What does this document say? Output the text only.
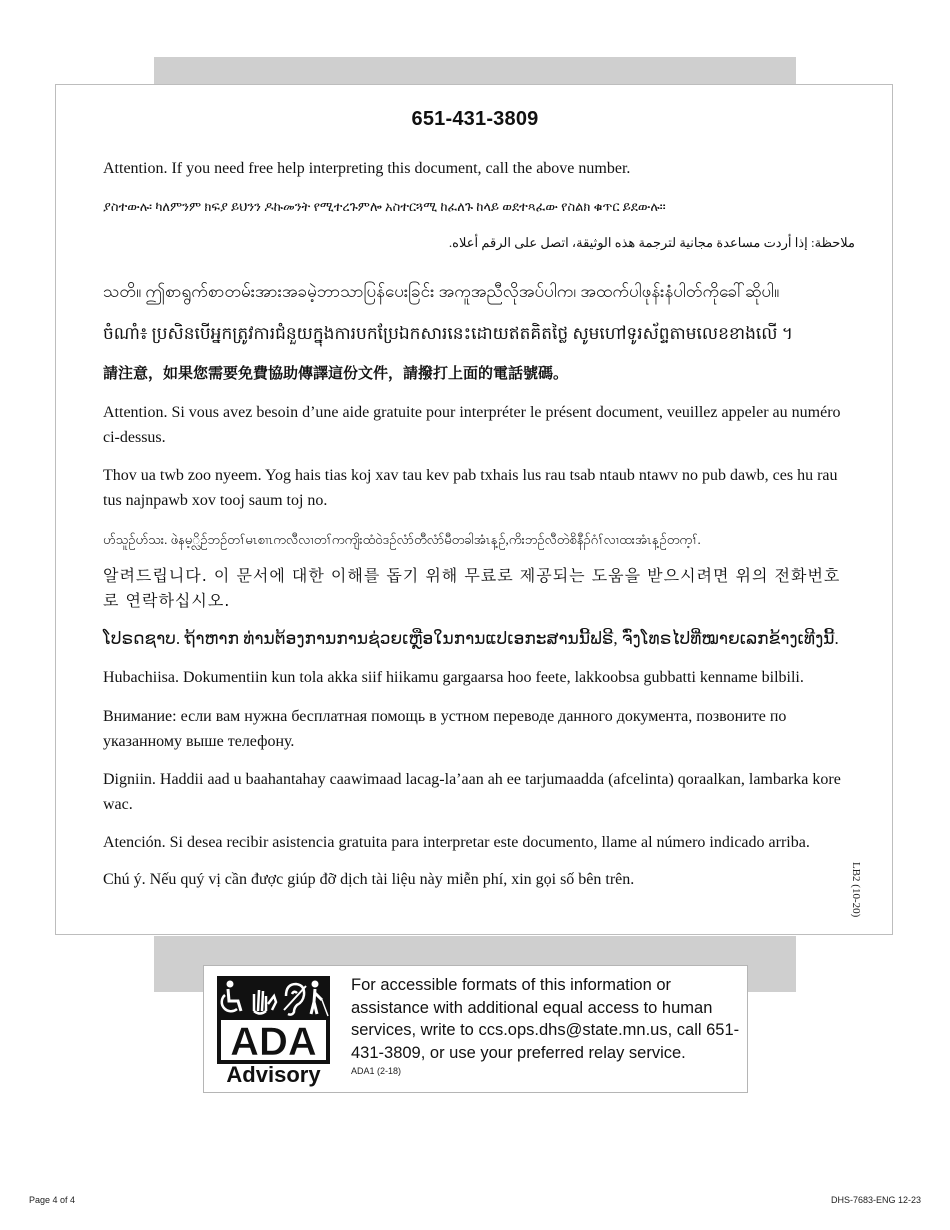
651-431-3809

Attention. If you need free help interpreting this document, call the above number.

ያስተውሉ፡ ካለምንም ክፍያ ይህንን ዶኩመንት የሚተረጉምሎ አስተርጓሚ ከፈለጉ ከላይ ወደተጻፈው የስልክ ቁጥር ይደውሉ።

ملاحظة: إذا أردت مساعدة مجانية لترجمة هذه الوثيقة، اتصل على الرقم أعلاه.

သတိ။ ဤစာရွက်စာတမ်းအားအခမဲ့ဘာသာပြန်ပေးခြင်း အကူအညီလိုအပ်ပါက၊ အထက်ပါဖုန်းနံပါတ်ကိုခေါ်ဆိုပါ။

ចំណាំ៖ ប្រសិនបើអ្នកត្រូវការជំនួយក្នុងការបកប្រែឯកសារនេះដោយឥតគិតថ្លៃ សូមហៅទូរស័ព្ទតាមលេខខាងលើ ។

請注意，如果您需要免費協助傳譯這份文件，請撥打上面的電話號碼。

Attention. Si vous avez besoin d’une aide gratuite pour interpréter le présent document, veuillez appeler au numéro ci-dessus.

Thov ua twb zoo nyeem. Yog hais tias koj xav tau kev pab txhais lus rau tsab ntaub ntawv no pub dawb, ces hu rau tus najnpawb xov tooj saum toj no.

ဟ်သူဉ်ဟ်သး. ဖဲနမ့္လိဉ်ဘဉ်တၢ်မၤစၢၤကလီလၢတၢ်ကကျိးထံဝဲဒဉ်လံာ်တီလံာ်မီတခါအံၤန့ဉ်,ကိးဘဉ်လီတဲစိနီၣ်ဂံၢ်လၢထးအံၤန့ဉ်တက့ၢ်.

알려드립니다. 이 문서에 대한 이해를 돕기 위해 무료로 제공되는 도움을 받으시려면 위의 전화번호로 연락하십시오.

ໂປຣດຊາບ. ຖ້າຫາກ ທ່ານຕ້ອງການການຊ່ວຍເຫຼືອໃນການແປເອກະສານນີ້ຟຣີ, ຈົ່ງໂທຣໄປທີ່ໝາຍເລກຂ້າງເທີງນີ້.

Hubachiisa. Dokumentiin kun tola akka siif hiikamu gargaarsa hoo feete, lakkoobsa gubbatti kenname bilbili.

Внимание: если вам нужна бесплатная помощь в устном переводе данного документа, позвоните по указанному выше телефону.

Digniin. Haddii aad u baahantahay caawimaad lacag-la’aan ah ee tarjumaadda (afcelinta) qoraalkan, lambarka kore wac.

Atención. Si desea recibir asistencia gratuita para interpretar este documento, llame al número indicado arriba.

Chú ý. Nếu quý vị cần được giúp đỡ dịch tài liệu này miễn phí, xin gọi số bên trên.	LB2 (10-20)
ADA
Advisory
For accessible formats of this information or assistance with additional equal access to human services, write to ccs.ops.dhs@state.mn.us, call 651-431-3809, or use your preferred relay service.
ADA1 (2-18)
Page 4 of 4	DHS-7683-ENG 12-23
